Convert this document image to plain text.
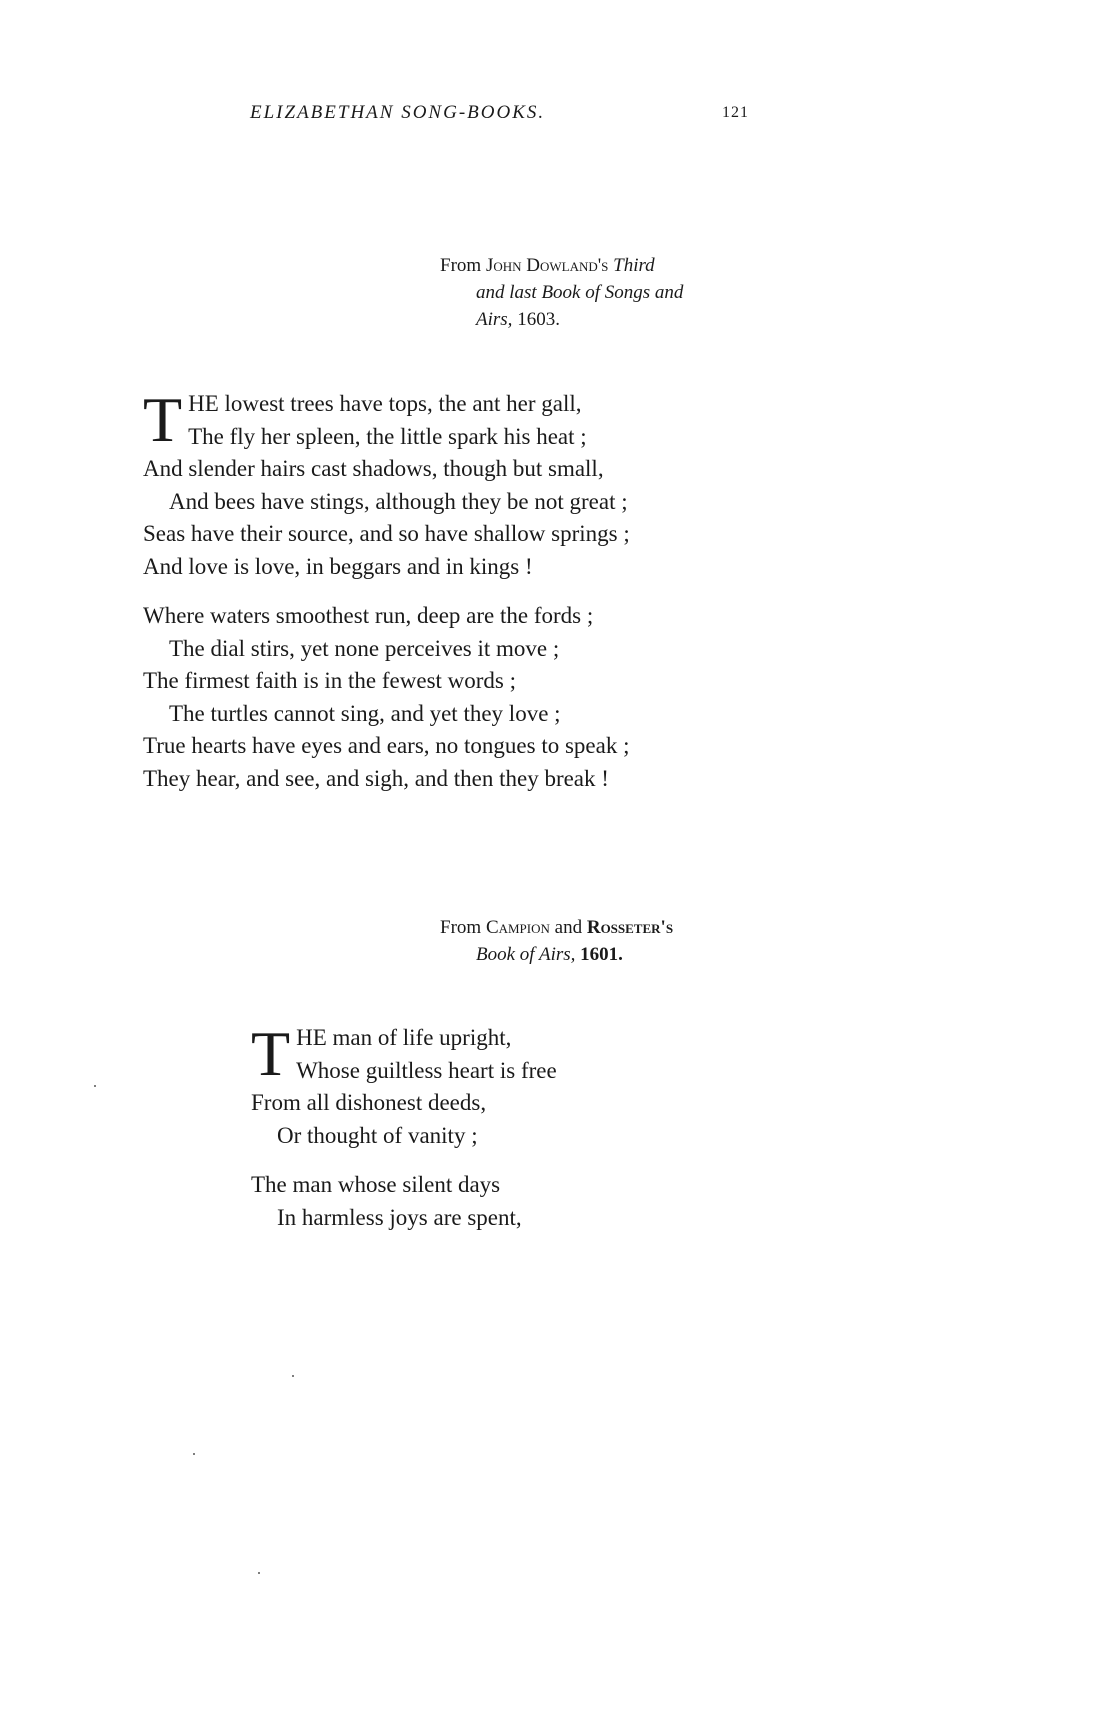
ELIZABETHAN SONG-BOOKS.	121
From John Dowland's Third
and last Book of Songs and
Airs, 1603.
T HE lowest trees have tops, the ant her gall,
The fly her spleen, the little spark his heat ;
And slender hairs cast shadows, though but small,
And bees have stings, although they be not great ;
Seas have their source, and so have shallow springs ;
And love is love, in beggars and in kings !
Where waters smoothest run, deep are the fords ;
The dial stirs, yet none perceives it move ;
The firmest faith is in the fewest words ;
The turtles cannot sing, and yet they love ;
True hearts have eyes and ears, no tongues to speak ;
They hear, and see, and sigh, and then they break !
From Campion and Rosseter's
Book of Airs, 1601.
T HE man of life upright,
Whose guiltless heart is free
From all dishonest deeds,
Or thought of vanity ;
The man whose silent days
In harmless joys are spent,
